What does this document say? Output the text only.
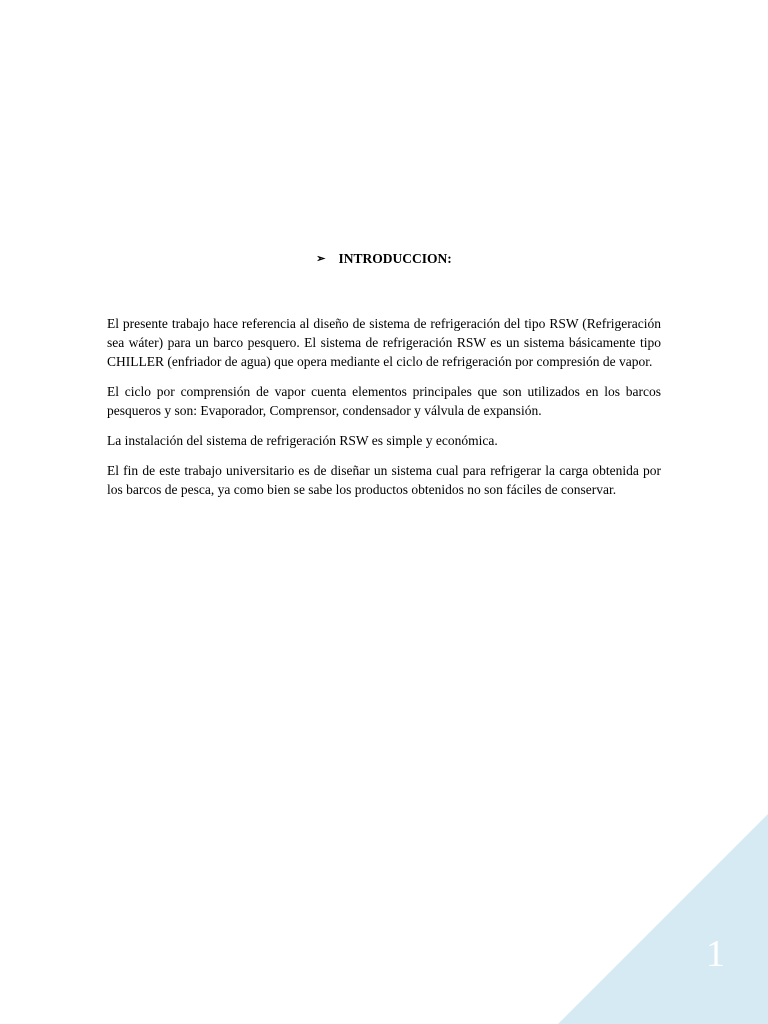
➢ INTRODUCCION:

El presente trabajo hace referencia al diseño de sistema de refrigeración del tipo RSW (Refrigeración sea wáter) para un barco pesquero. El sistema de refrigeración RSW es un sistema básicamente tipo CHILLER (enfriador de agua) que opera mediante el ciclo de refrigeración por compresión de vapor.

El ciclo por comprensión de vapor cuenta elementos principales que son utilizados en los barcos pesqueros y son: Evaporador, Comprensor, condensador y válvula de expansión.

La instalación del sistema de refrigeración RSW es simple y económica.

El fin de este trabajo universitario es de diseñar un sistema cual para refrigerar la carga obtenida por los barcos de pesca, ya como bien se sabe los productos obtenidos no son fáciles de conservar.

1
